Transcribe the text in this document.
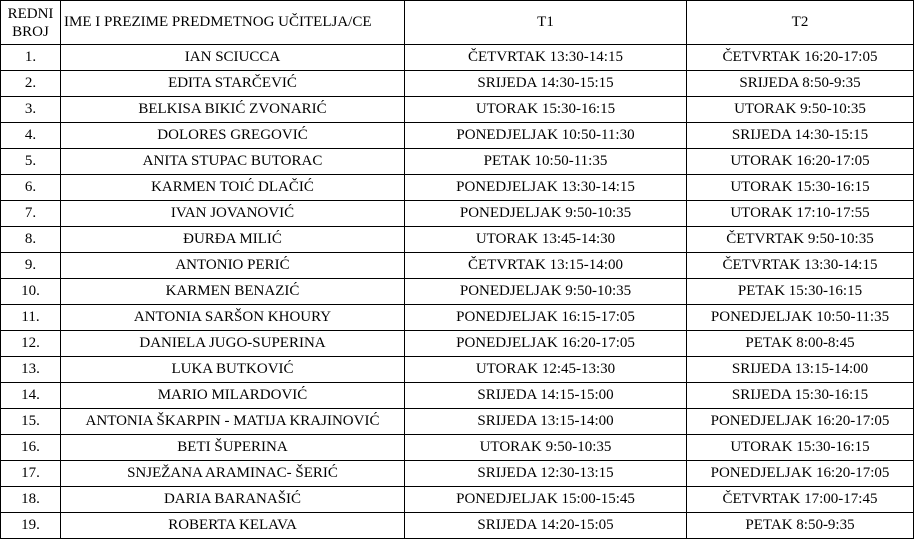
REDNI
BROJ	IME I PREZIME PREDMETNOG UČITELJA/CE	T1	T2
1.	IAN SCIUCCA	ČETVRTAK 13:30-14:15	ČETVRTAK 16:20-17:05
2.	EDITA STARČEVIĆ	SRIJEDA 14:30-15:15	SRIJEDA 8:50-9:35
3.	BELKISA BIKIĆ ZVONARIĆ	UTORAK 15:30-16:15	UTORAK 9:50-10:35
4.	DOLORES GREGOVIĆ	PONEDJELJAK 10:50-11:30	SRIJEDA 14:30-15:15
5.	ANITA STUPAC BUTORAC	PETAK 10:50-11:35	UTORAK 16:20-17:05
6.	KARMEN TOIĆ DLAČIĆ	PONEDJELJAK 13:30-14:15	UTORAK 15:30-16:15
7.	IVAN JOVANOVIĆ	PONEDJELJAK 9:50-10:35	UTORAK 17:10-17:55
8.	ĐURĐA MILIĆ	UTORAK 13:45-14:30	ČETVRTAK 9:50-10:35
9.	ANTONIO PERIĆ	ČETVRTAK 13:15-14:00	ČETVRTAK 13:30-14:15
10.	KARMEN BENAZIĆ	PONEDJELJAK 9:50-10:35	PETAK 15:30-16:15
11.	ANTONIA SARŠON KHOURY	PONEDJELJAK 16:15-17:05	PONEDJELJAK 10:50-11:35
12.	DANIELA JUGO-SUPERINA	PONEDJELJAK 16:20-17:05	PETAK 8:00-8:45
13.	LUKA BUTKOVIĆ	UTORAK 12:45-13:30	SRIJEDA 13:15-14:00
14.	MARIO MILARDOVIĆ	SRIJEDA 14:15-15:00	SRIJEDA 15:30-16:15
15.	ANTONIA ŠKARPIN - MATIJA KRAJINOVIĆ	SRIJEDA 13:15-14:00	PONEDJELJAK 16:20-17:05
16.	BETI ŠUPERINA	UTORAK 9:50-10:35	UTORAK 15:30-16:15
17.	SNJEŽANA ARAMINAC- ŠERIĆ	SRIJEDA 12:30-13:15	PONEDJELJAK 16:20-17:05
18.	DARIA BARANAŠIĆ	PONEDJELJAK 15:00-15:45	ČETVRTAK 17:00-17:45
19.	ROBERTA KELAVA	SRIJEDA 14:20-15:05	PETAK 8:50-9:35
